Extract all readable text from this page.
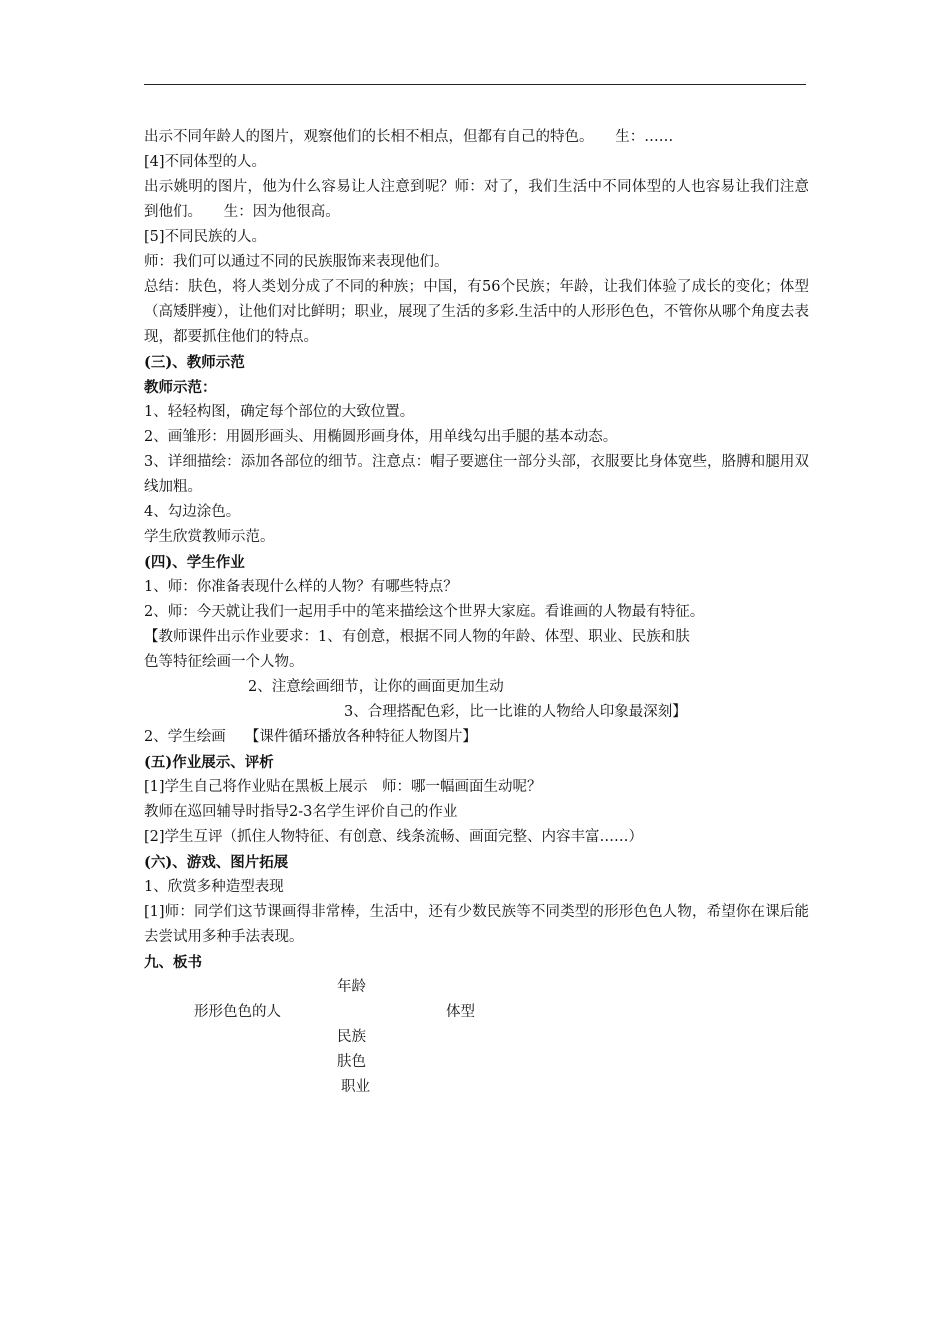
出示不同年龄人的图片，观察他们的长相不相点，但都有自己的特色。　　生：……
[4]不同体型的人。
出示姚明的图片，他为什么容易让人注意到呢？师：对了，我们生活中不同体型的人也容易让我们注意到他们。　　生：因为他很高。
[5]不同民族的人。
师：我们可以通过不同的民族服饰来表现他们。
总结：肤色，将人类划分成了不同的种族；中国，有56个民族；年龄，让我们体验了成长的变化；体型（高矮胖瘦），让他们对比鲜明；职业，展现了生活的多彩.生活中的人形形色色，不管你从哪个角度去表现，都要抓住他们的特点。
(三)、教师示范
教师示范：
1、轻轻构图，确定每个部位的大致位置。
2、画雏形：用圆形画头、用椭圆形画身体，用单线勾出手腿的基本动态。
3、详细描绘：添加各部位的细节。注意点：帽子要遮住一部分头部，衣服要比身体宽些，胳膊和腿用双线加粗。
4、勾边涂色。
学生欣赏教师示范。
(四)、学生作业
1、师：你准备表现什么样的人物？有哪些特点？
2、师：今天就让我们一起用手中的笔来描绘这个世界大家庭。看谁画的人物最有特征。
【教师课件出示作业要求：1、有创意，根据不同人物的年龄、体型、职业、民族和肤
色等特征绘画一个人物。
2、注意绘画细节，让你的画面更加生动
3、合理搭配色彩，比一比谁的人物给人印象最深刻】
2、学生绘画　 【课件循环播放各种特征人物图片】
(五)作业展示、评析
[1]学生自己将作业贴在黑板上展示　师：哪一幅画面生动呢？
教师在巡回辅导时指导2-3名学生评价自己的作业
[2]学生互评（抓住人物特征、有创意、线条流畅、画面完整、内容丰富……）
(六)、游戏、图片拓展
1、欣赏多种造型表现
[1]师：同学们这节课画得非常棒，生活中，还有少数民族等不同类型的形形色色人物，希望你在课后能去尝试用多种手法表现。
九、板书
年龄
形形色色的人	体型
民族
肤色
职业
